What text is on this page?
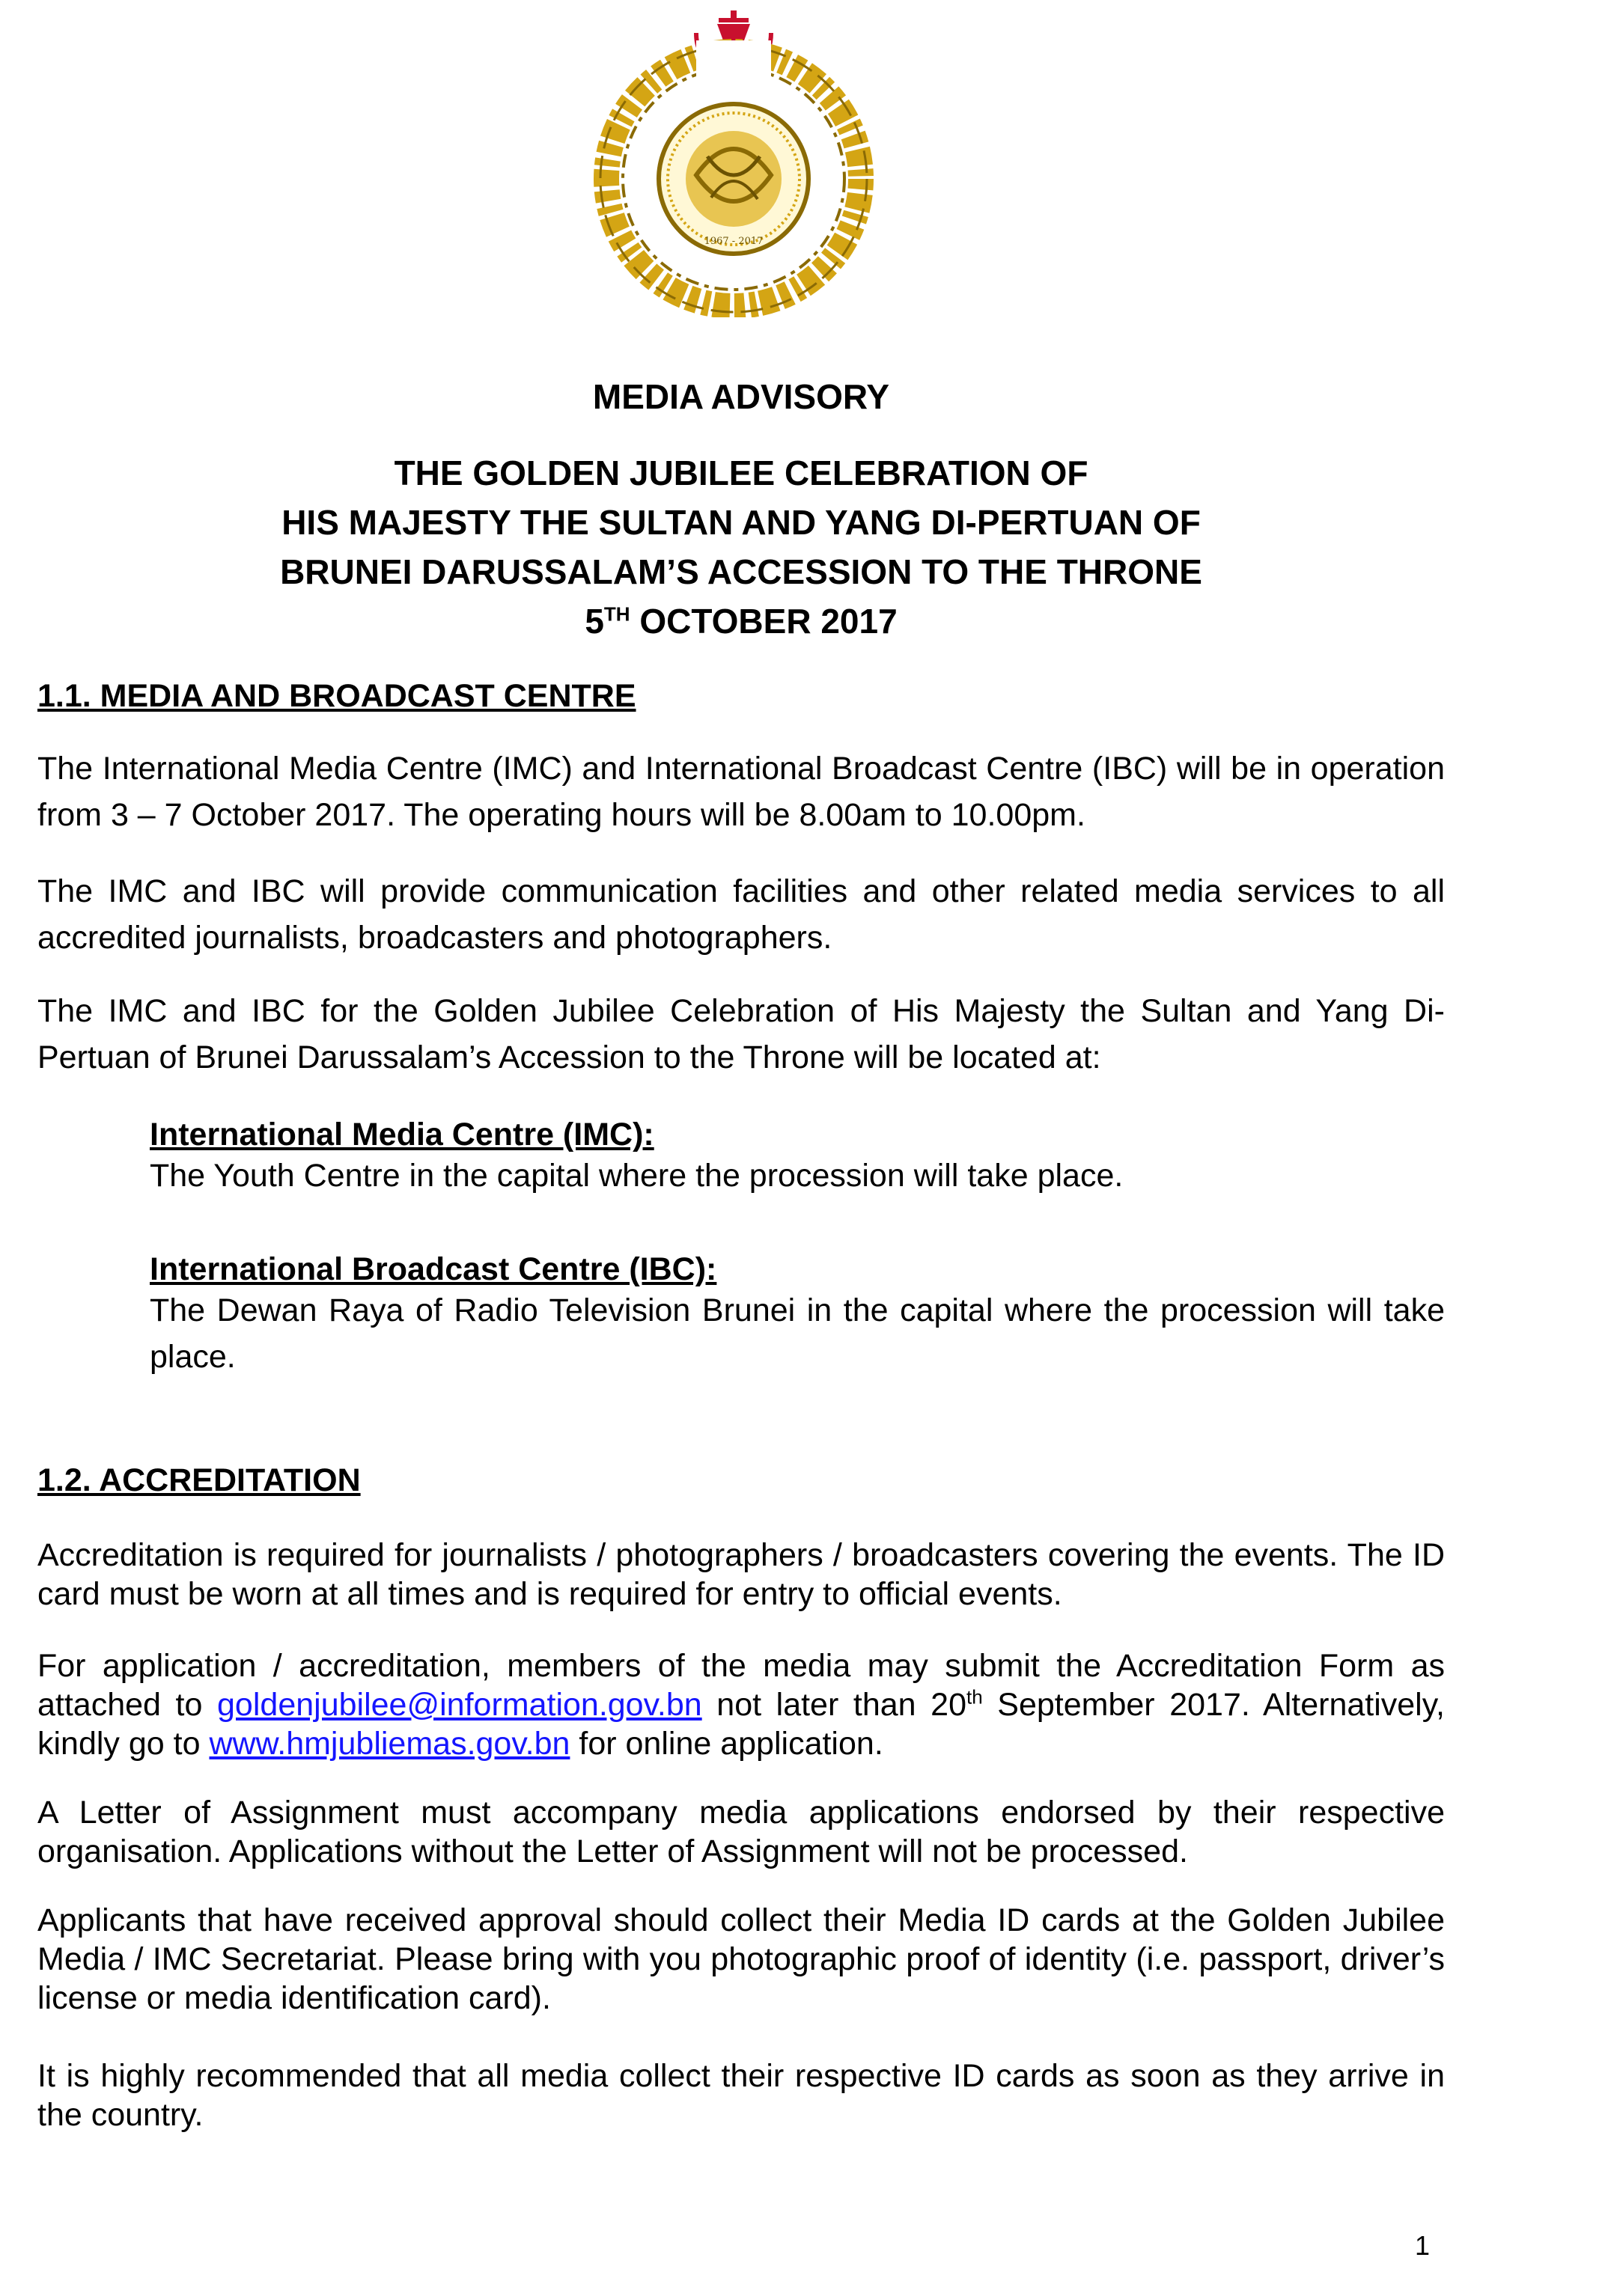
1967 - 2017
MEDIA ADVISORY
THE GOLDEN JUBILEE CELEBRATION OF
HIS MAJESTY THE SULTAN AND YANG DI-PERTUAN OF
BRUNEI DARUSSALAM’S ACCESSION TO THE THRONE
5TH OCTOBER 2017
1.1. MEDIA AND BROADCAST CENTRE

The International Media Centre (IMC) and International Broadcast Centre (IBC) will be in operation from 3 – 7 October 2017. The operating hours will be 8.00am to 10.00pm.

The IMC and IBC will provide communication facilities and other related media services to all accredited journalists, broadcasters and photographers.

The IMC and IBC for the Golden Jubilee Celebration of His Majesty the Sultan and Yang Di-Pertuan of Brunei Darussalam’s Accession to the Throne will be located at:

International Media Centre (IMC):

The Youth Centre in the capital where the procession will take place.

International Broadcast Centre (IBC):

The Dewan Raya of Radio Television Brunei in the capital where the procession will take place.

1.2. ACCREDITATION

Accreditation is required for journalists / photographers / broadcasters covering the events. The ID card must be worn at all times and is required for entry to official events.

For application / accreditation, members of the media may submit the Accreditation Form as attached to goldenjubilee@information.gov.bn not later than 20th September 2017. Alternatively, kindly go to www.hmjubliemas.gov.bn for online application.

A Letter of Assignment must accompany media applications endorsed by their respective organisation. Applications without the Letter of Assignment will not be processed.

Applicants that have received approval should collect their Media ID cards at the Golden Jubilee Media / IMC Secretariat. Please bring with you photographic proof of identity (i.e. passport, driver’s license or media identification card).

It is highly recommended that all media collect their respective ID cards as soon as they arrive in the country.

1
